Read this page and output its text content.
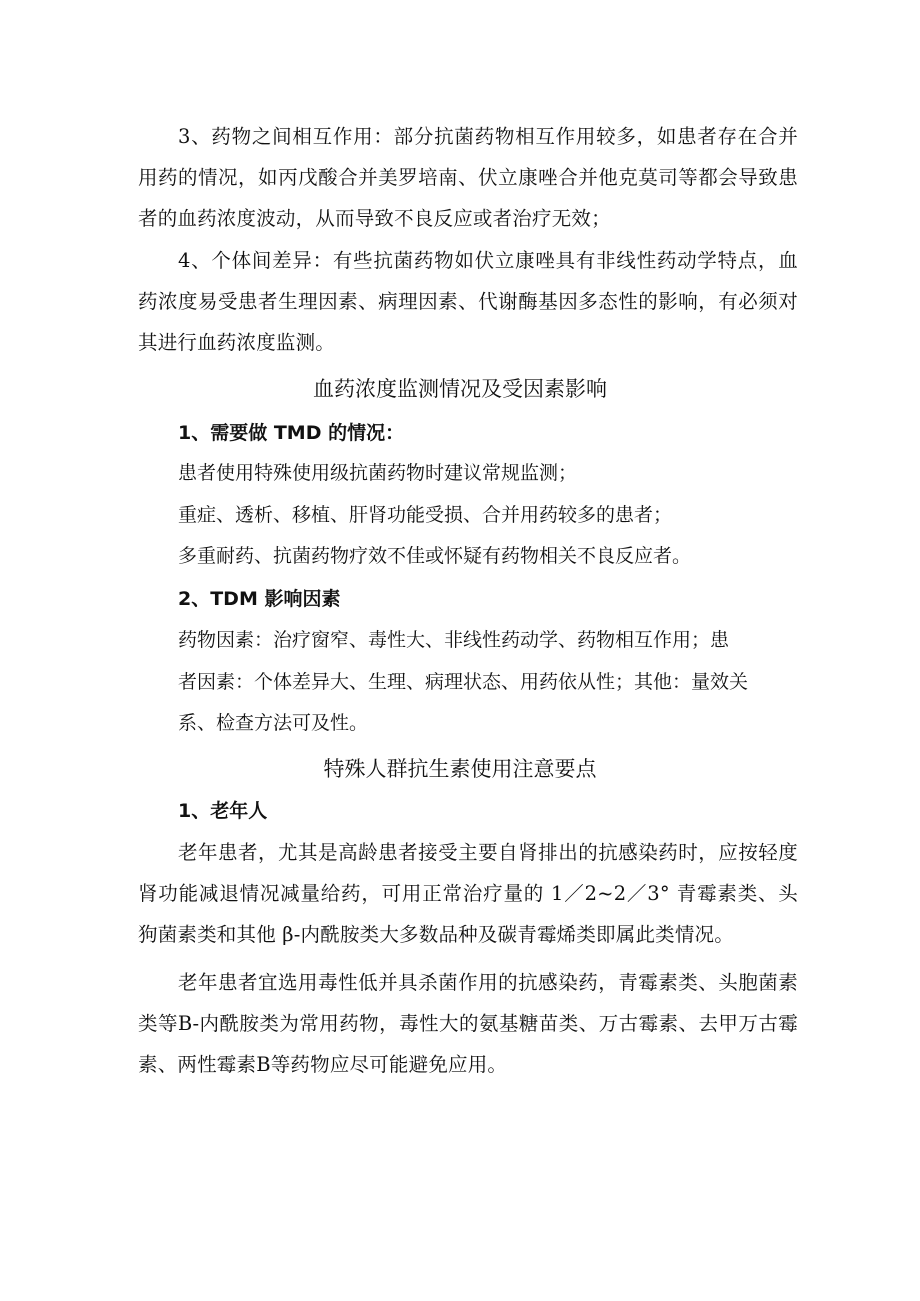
3、药物之间相互作用：部分抗菌药物相互作用较多，如患者存在合并用药的情况，如丙戊酸合并美罗培南、伏立康唑合并他克莫司等都会导致患者的血药浓度波动，从而导致不良反应或者治疗无效；

4、个体间差异：有些抗菌药物如伏立康唑具有非线性药动学特点，血药浓度易受患者生理因素、病理因素、代谢酶基因多态性的影响，有必须对其进行血药浓度监测。

血药浓度监测情况及受因素影响
1、需要做 TMD 的情况：
患者使用特殊使用级抗菌药物时建议常规监测；
重症、透析、移植、肝肾功能受损、合并用药较多的患者；
多重耐药、抗菌药物疗效不佳或怀疑有药物相关不良反应者。
2、TDM 影响因素
药物因素：治疗窗窄、毒性大、非线性药动学、药物相互作用；患
者因素：个体差异大、生理、病理状态、用药依从性；其他：量效关
系、检查方法可及性。
特殊人群抗生素使用注意要点
1、老年人

老年患者，尤其是高龄患者接受主要自肾排出的抗感染药时，应按轻度肾功能减退情况减量给药，可用正常治疗量的 1／2~2／3° 青霉素类、头狗菌素类和其他 β-内酰胺类大多数品种及碳青霉烯类即属此类情况。

老年患者宜选用毒性低并具杀菌作用的抗感染药，青霉素类、头胞菌素类等Β-内酰胺类为常用药物，毒性大的氨基糖苗类、万古霉素、去甲万古霉素、两性霉素Β等药物应尽可能避免应用。
